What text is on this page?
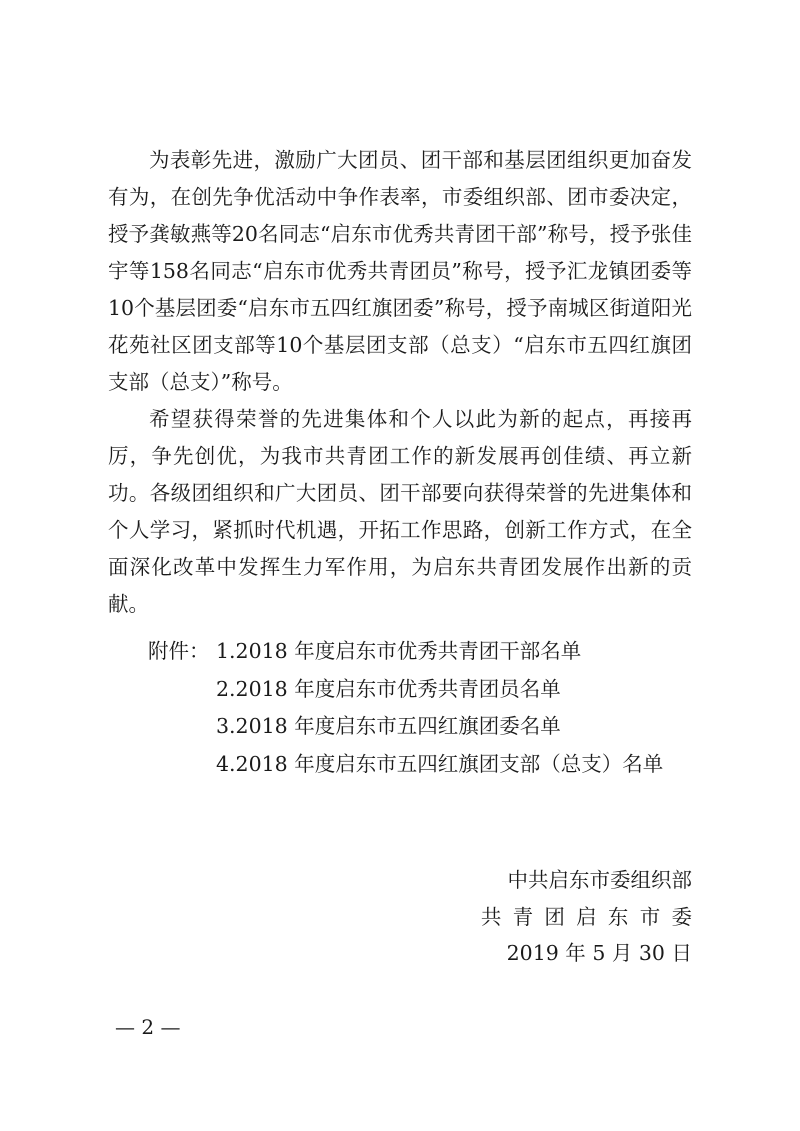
为表彰先进，激励广大团员、团干部和基层团组织更加奋发有为，在创先争优活动中争作表率，市委组织部、团市委决定，授予龚敏燕等20名同志“启东市优秀共青团干部”称号，授予张佳宇等158名同志“启东市优秀共青团员”称号，授予汇龙镇团委等10个基层团委“启东市五四红旗团委”称号，授予南城区街道阳光花苑社区团支部等10个基层团支部（总支）“启东市五四红旗团支部（总支）”称号。

希望获得荣誉的先进集体和个人以此为新的起点，再接再厉，争先创优，为我市共青团工作的新发展再创佳绩、再立新功。各级团组织和广大团员、团干部要向获得荣誉的先进集体和个人学习，紧抓时代机遇，开拓工作思路，创新工作方式，在全面深化改革中发挥生力军作用，为启东共青团发展作出新的贡献。

附件： 1.2018 年度启东市优秀共青团干部名单
2.2018 年度启东市优秀共青团员名单
3.2018 年度启东市五四红旗团委名单
4.2018 年度启东市五四红旗团支部（总支）名单
中共启东市委组织部
共青团启东市委
2019 年 5 月 30 日
— 2 —
